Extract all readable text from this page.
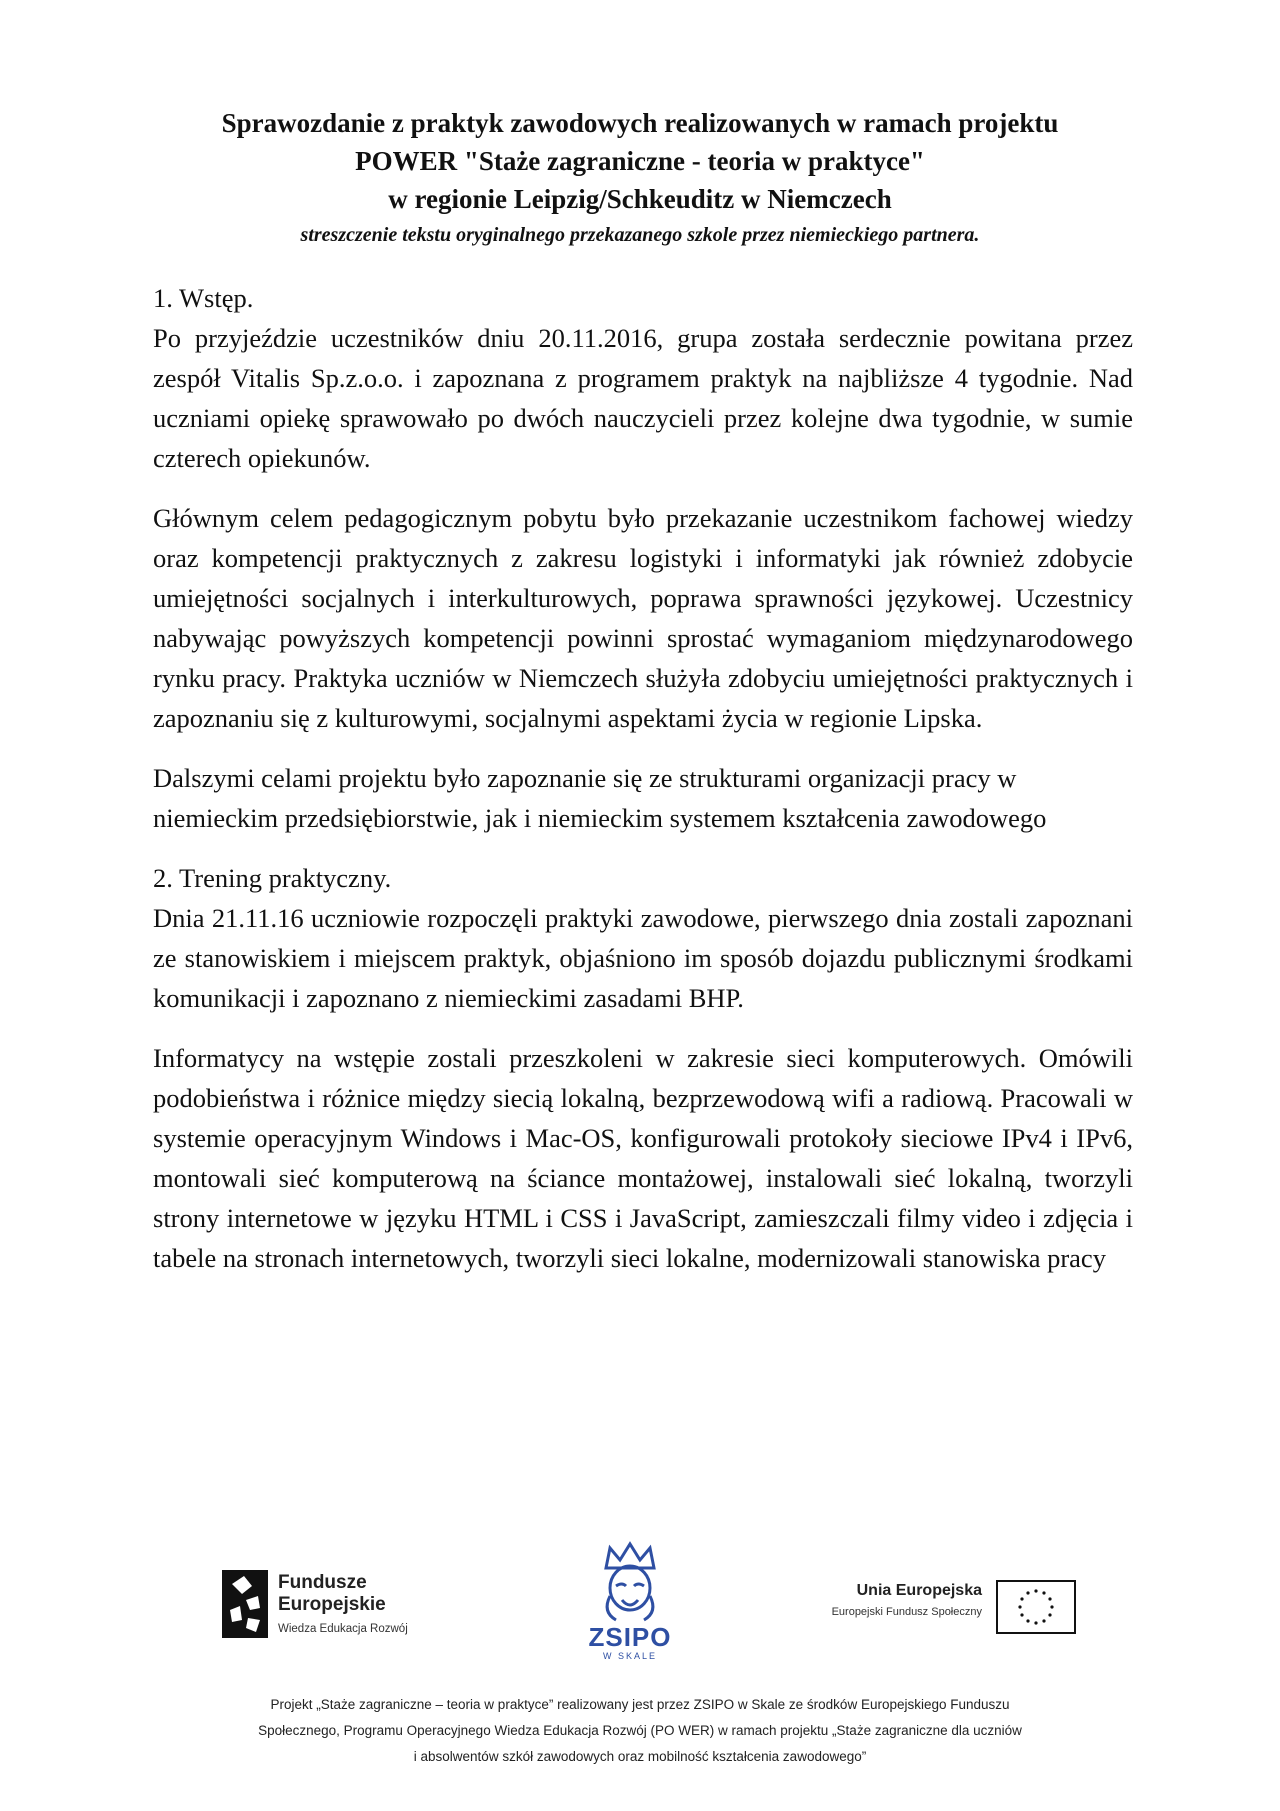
Sprawozdanie z praktyk zawodowych realizowanych w ramach projektu
POWER "Staże zagraniczne - teoria w praktyce"
w regionie Leipzig/Schkeuditz w Niemczech
streszczenie tekstu oryginalnego przekazanego szkole przez niemieckiego partnera.

1. Wstęp.

Po przyjeździe uczestników dniu 20.11.2016, grupa została serdecznie powitana przez zespół Vitalis Sp.z.o.o. i zapoznana z programem praktyk na najbliższe 4 tygodnie. Nad uczniami opiekę sprawowało po dwóch nauczycieli przez kolejne dwa tygodnie, w sumie czterech opiekunów.

Głównym celem pedagogicznym pobytu było przekazanie uczestnikom fachowej wiedzy oraz kompetencji praktycznych z zakresu logistyki i informatyki jak również zdobycie umiejętności socjalnych i interkulturowych, poprawa sprawności językowej. Uczestnicy nabywając powyższych kompetencji powinni sprostać wymaganiom międzynarodowego rynku pracy. Praktyka uczniów w Niemczech służyła zdobyciu umiejętności praktycznych i zapoznaniu się z kulturowymi, socjalnymi aspektami życia w regionie Lipska.

Dalszymi celami projektu było zapoznanie się ze strukturami organizacji pracy w niemieckim przedsiębiorstwie, jak i niemieckim systemem kształcenia zawodowego

2. Trening praktyczny.

Dnia 21.11.16 uczniowie rozpoczęli praktyki zawodowe, pierwszego dnia zostali zapoznani ze stanowiskiem i miejscem praktyk, objaśniono im sposób dojazdu publicznymi środkami komunikacji i zapoznano z niemieckimi zasadami BHP.

Informatycy na wstępie zostali przeszkoleni w zakresie sieci komputerowych. Omówili podobieństwa i różnice między siecią lokalną, bezprzewodową wifi a radiową. Pracowali w systemie operacyjnym Windows i Mac-OS, konfigurowali protokoły sieciowe IPv4 i IPv6, montowali sieć komputerową na ściance montażowej, instalowali sieć lokalną, tworzyli strony internetowe w języku HTML i CSS i JavaScript, zamieszczali filmy video i zdjęcia i tabele na stronach internetowych, tworzyli sieci lokalne, modernizowali stanowiska pracy

Fundusze
Europejskie
Wiedza Edukacja Rozwój	ZSIPO
W SKALE
Unia Europejska
Europejski Fundusz Społeczny

Projekt „Staże zagraniczne – teoria w praktyce” realizowany jest przez ZSIPO w Skale ze środków Europejskiego Funduszu

Społecznego, Programu Operacyjnego Wiedza Edukacja Rozwój (PO WER) w ramach projektu „Staże zagraniczne dla uczniów

i absolwentów szkół zawodowych oraz mobilność kształcenia zawodowego”
